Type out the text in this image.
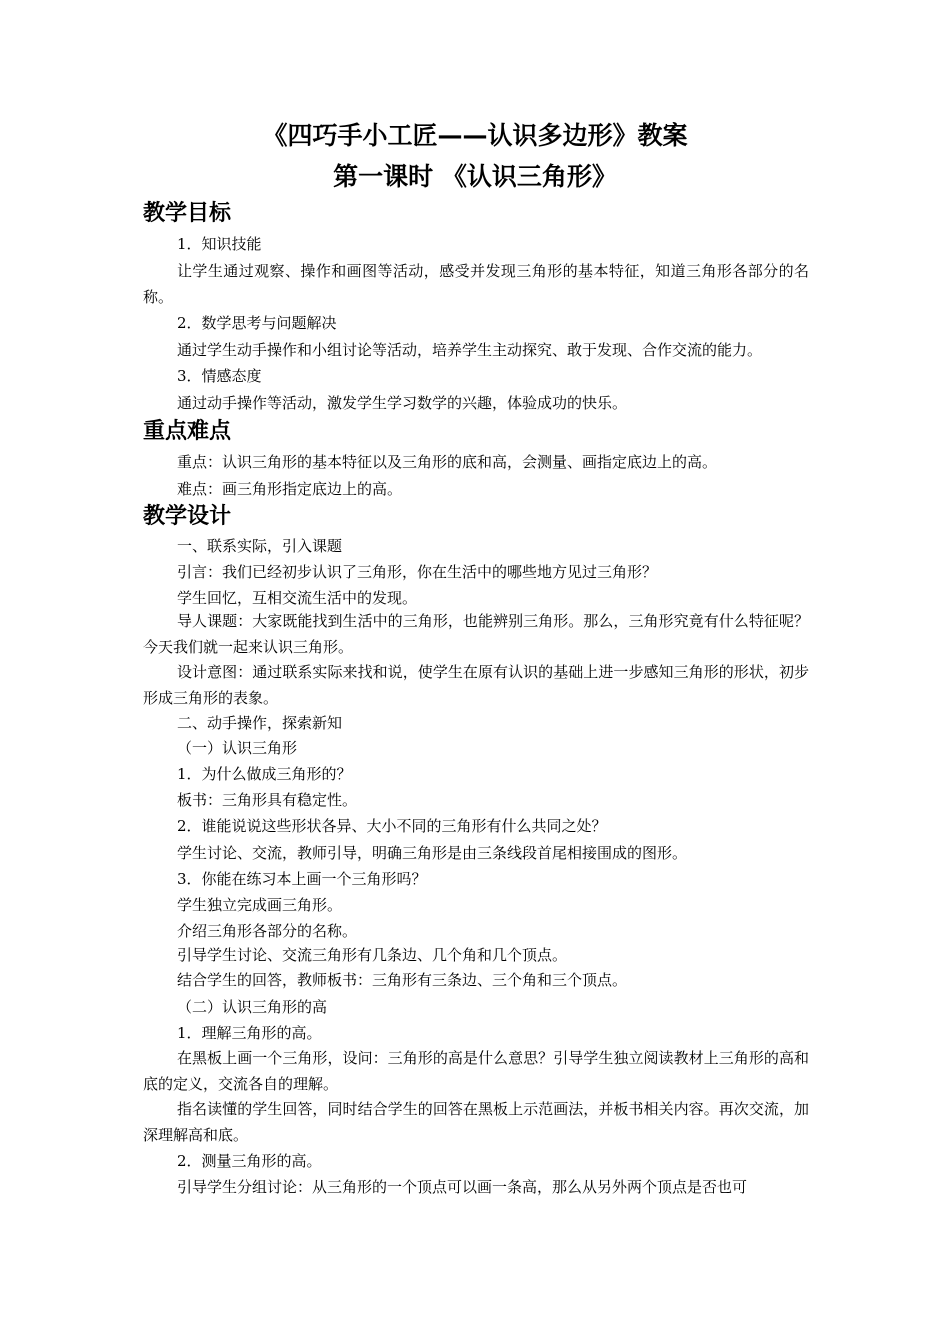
《四巧手小工匠——认识多边形》教案
第一课时 《认识三角形》
教学目标

1．知识技能

让学生通过观察、操作和画图等活动，感受并发现三角形的基本特征，知道三角形各部分的名称。

2．数学思考与问题解决

通过学生动手操作和小组讨论等活动，培养学生主动探究、敢于发现、合作交流的能力。

3．情感态度

通过动手操作等活动，激发学生学习数学的兴趣，体验成功的快乐。

重点难点

重点：认识三角形的基本特征以及三角形的底和高，会测量、画指定底边上的高。

难点：画三角形指定底边上的高。

教学设计

一、联系实际，引入课题

引言：我们已经初步认识了三角形，你在生活中的哪些地方见过三角形？

学生回忆，互相交流生活中的发现。

导人课题：大家既能找到生活中的三角形，也能辨别三角形。那么，三角形究竟有什么特征呢？今天我们就一起来认识三角形。

设计意图：通过联系实际来找和说，使学生在原有认识的基础上进一步感知三角形的形状，初步形成三角形的表象。

二、动手操作，探索新知

（一）认识三角形

1．为什么做成三角形的？

板书：三角形具有稳定性。

2．谁能说说这些形状各异、大小不同的三角形有什么共同之处？

学生讨论、交流，教师引导，明确三角形是由三条线段首尾相接围成的图形。

3．你能在练习本上画一个三角形吗？

学生独立完成画三角形。

介绍三角形各部分的名称。

引导学生讨论、交流三角形有几条边、几个角和几个顶点。

结合学生的回答，教师板书：三角形有三条边、三个角和三个顶点。

（二）认识三角形的高

1．理解三角形的高。

在黑板上画一个三角形，设问：三角形的高是什么意思？引导学生独立阅读教材上三角形的高和底的定义，交流各自的理解。

指名读懂的学生回答，同时结合学生的回答在黑板上示范画法，并板书相关内容。再次交流，加深理解高和底。

2．测量三角形的高。

引导学生分组讨论：从三角形的一个顶点可以画一条高，那么从另外两个顶点是否也可
